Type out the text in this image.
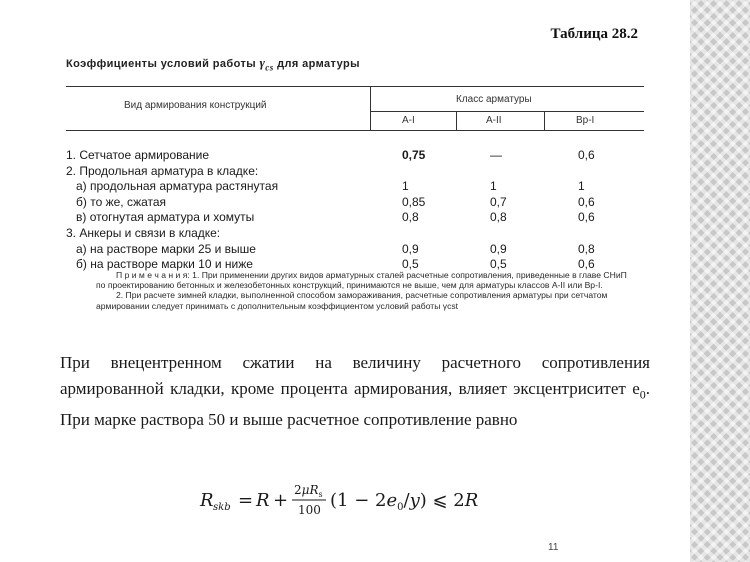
Таблица 28.2
Коэффициенты условий работы $\gamma_{cs}$ для арматуры
Вид армирования конструкций
Класс арматуры
A-I	A-II	Bp-I
1. Сетчатое армирование	0,75	—	0,6
2. Продольная арматура в кладке:
а) продольная арматура растянутая	1	1	1
б) то же, сжатая	0,85	0,7	0,6
в) отогнутая арматура и хомуты	0,8	0,8	0,6
3. Анкеры и связи в кладке:
а) на растворе марки 25 и выше	0,9	0,9	0,8
б) на растворе марки 10 и ниже	0,5	0,5	0,6

П р и м е ч а н и я: 1. При применении других видов арматурных сталей расчетные сопротивления, приведенные в главе СНиП по проектированию бетонных и железобетонных конструкций, принимаются не выше, чем для арматуры классов А-II или Вр-I.

2. При расчете зимней кладки, выполненной способом замораживания, расчетные сопротивления арматуры при сетчатом армировании следует принимать с дополнительным коэффициентом условий работы γcst

При внецентренном сжатии на величину расчетного сопротивления армированной кладки, кроме процента армирования, влияет эксцентриситет $e_0$. При марке раствора 50 и выше расчетное сопротивление равно

R skb = $R + 2\mu R_s$
100 $(1 - 2e_0/y)$ ⩽ 2R
11
